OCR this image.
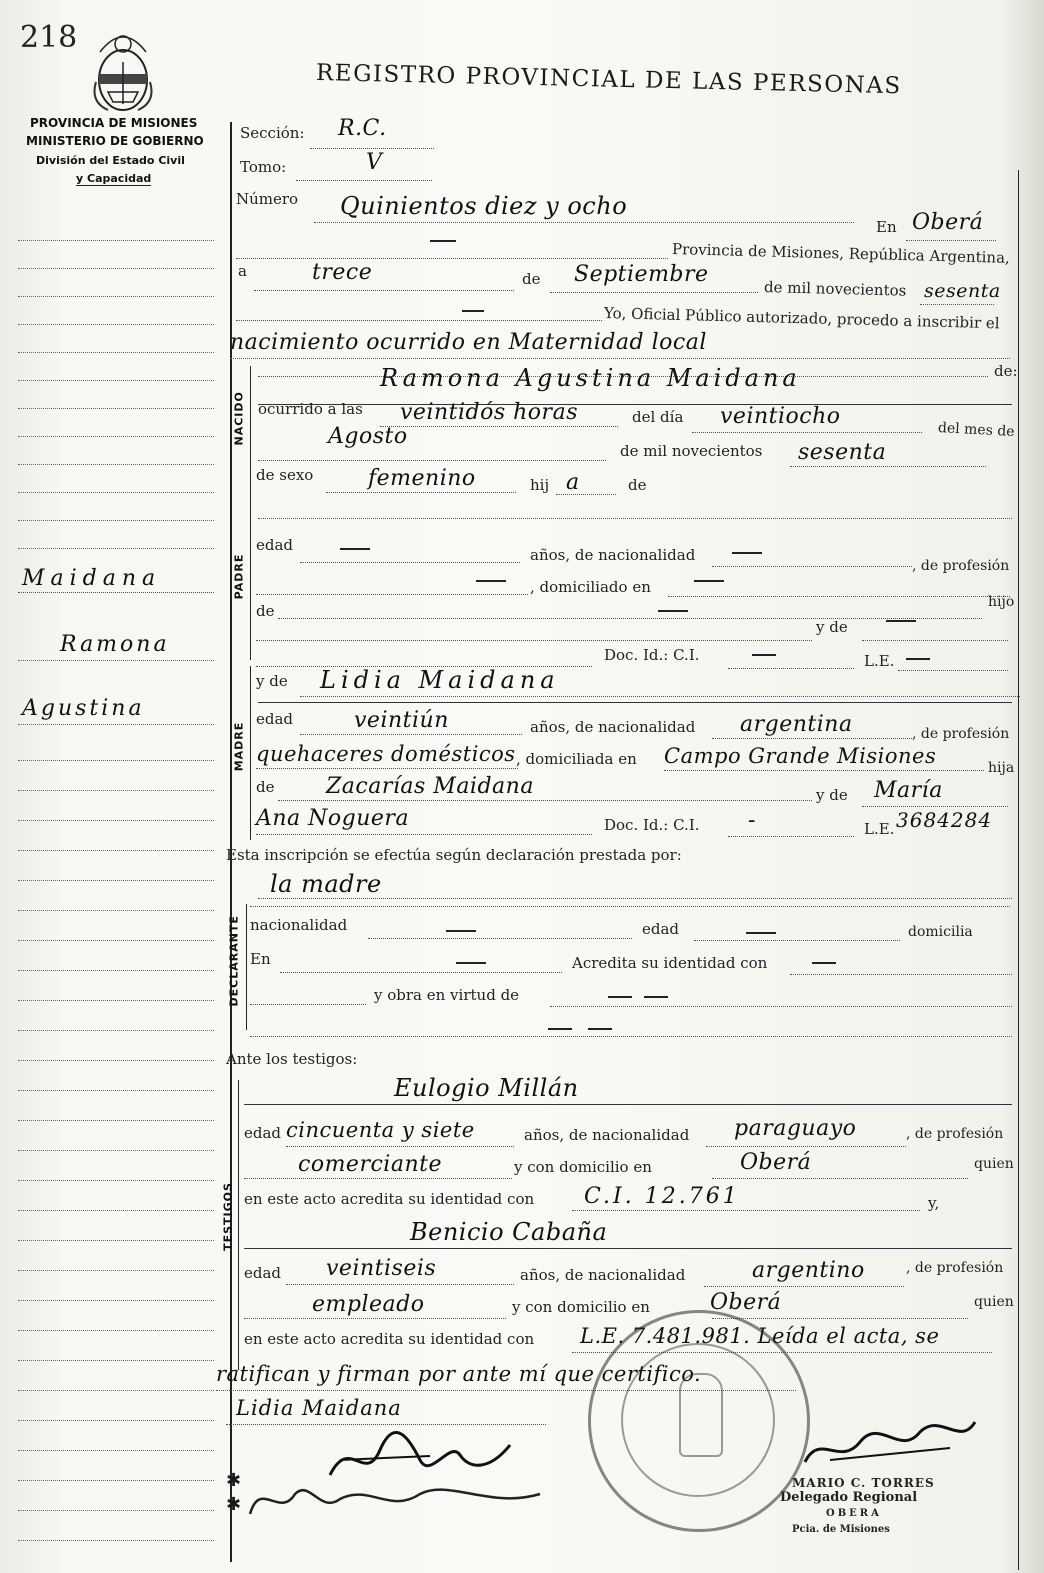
218
REGISTRO PROVINCIAL DE LAS PERSONAS
PROVINCIA DE MISIONES
MINISTERIO DE GOBIERNO
División del Estado Civil
y Capacidad
Maidana
Ramona
Agustina
Sección: R.C.
Tomo:	V
Número Quinientos diez y ocho
En Oberá
Provincia de Misiones, República Argentina,
a	trece	de Septiembre
de mil novecientos sesenta
Yo, Oficial Público autorizado, procedo a inscribir el
nacimiento ocurrido en Maternidad local
NACIDO
de:
Ramona Agustina Maidana
ocurrido a las veintidós horas	del día veintiocho
del mes de
Agosto
de mil novecientos sesenta
de sexo femenino	hij a	de
PADRE
edad
años, de nacionalidad
, de profesión
, domiciliado en
de	hijo
y de
Doc. Id.: C.I.	L.E.
MADRE
y de Lidia Maidana
edad	veintiún	años, de nacionalidad argentina	, de profesión
quehaceres domésticos , domiciliada en Campo Grande Misiones	hija
de Zacarías Maidana	y de María
Ana Noguera	Doc. Id.: C.I. -	L.E. 3684284
Esta inscripción se efectúa según declaración prestada por:
la madre
DECLARANTE nacionalidad	edad	domicilia
En	Acredita su identidad con
y obra en virtud de
Ante los testigos:
TESTIGOS
Eulogio Millán
edad cincuenta y siete	años, de nacionalidad paraguayo	, de profesión
comerciante	y con domicilio en	Oberá	quien
en este acto acredita su identidad con C.I. 12.761	y,
Benicio Cabaña
edad veintiseis	años, de nacionalidad	argentino	, de profesión
empleado	y con domicilio en	Oberá	quien
en este acto acredita su identidad con L.E. 7.481.981. Leída el acta, se
ratifican y firman por ante mí que certifico.
Lidia Maidana
MARIO C. TORRES
Delegado Regional
OBERA
Pcia. de Misiones
✱
✱
